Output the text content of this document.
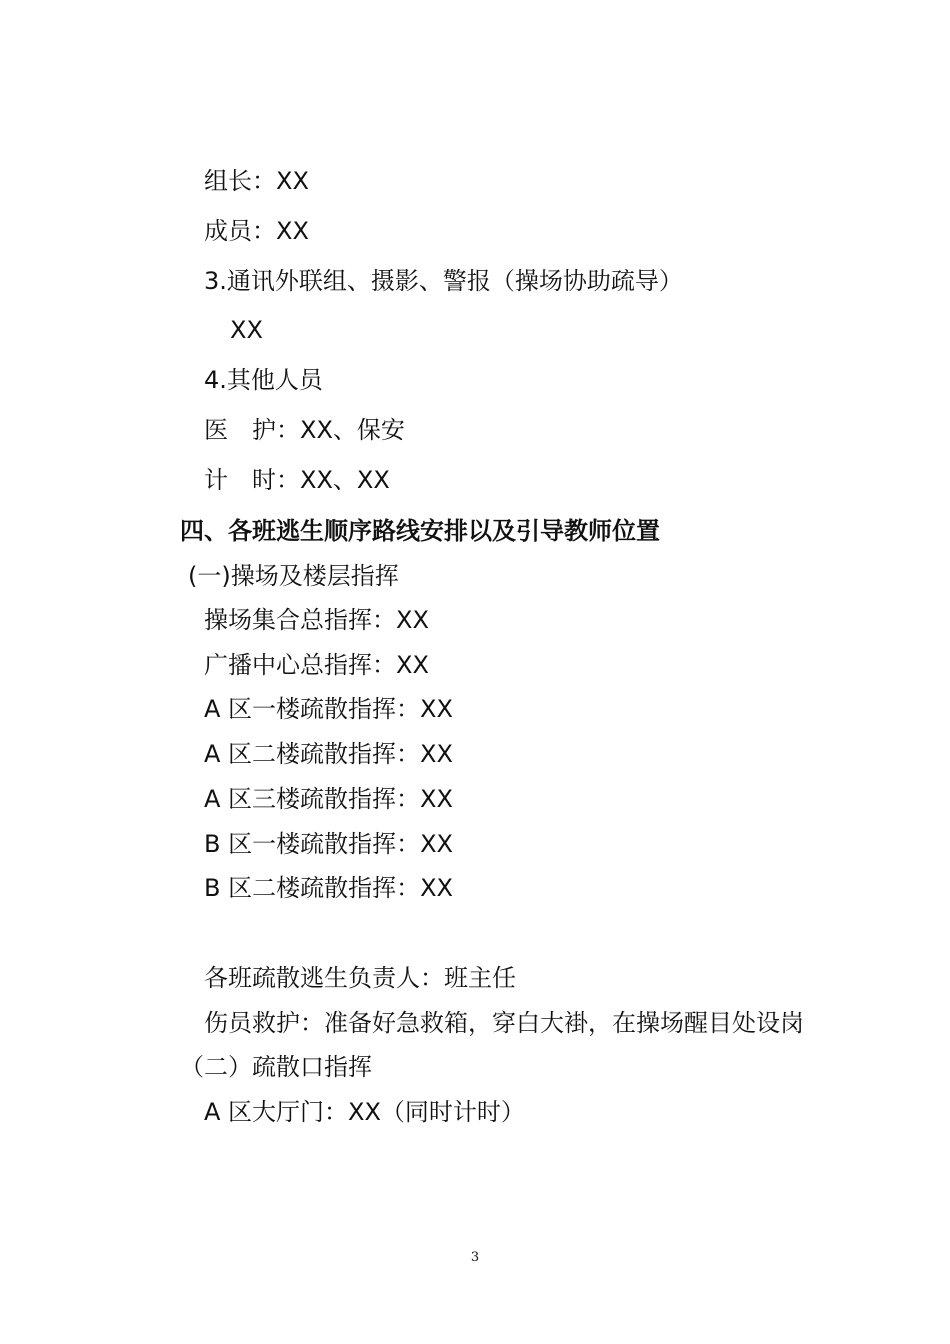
组长：XX
成员：XX
3.通讯外联组、摄影、警报（操场协助疏导）
XX
4.其他人员
医　护：XX、保安
计　时：XX、XX
四、各班逃生顺序路线安排以及引导教师位置
(一)操场及楼层指挥
操场集合总指挥：XX
广播中心总指挥：XX
A 区一楼疏散指挥：XX
A 区二楼疏散指挥：XX
A 区三楼疏散指挥：XX
B 区一楼疏散指挥：XX
B 区二楼疏散指挥：XX
各班疏散逃生负责人：班主任
伤员救护：准备好急救箱，穿白大褂，在操场醒目处设岗
（二）疏散口指挥
A 区大厅门：XX（同时计时）
3
